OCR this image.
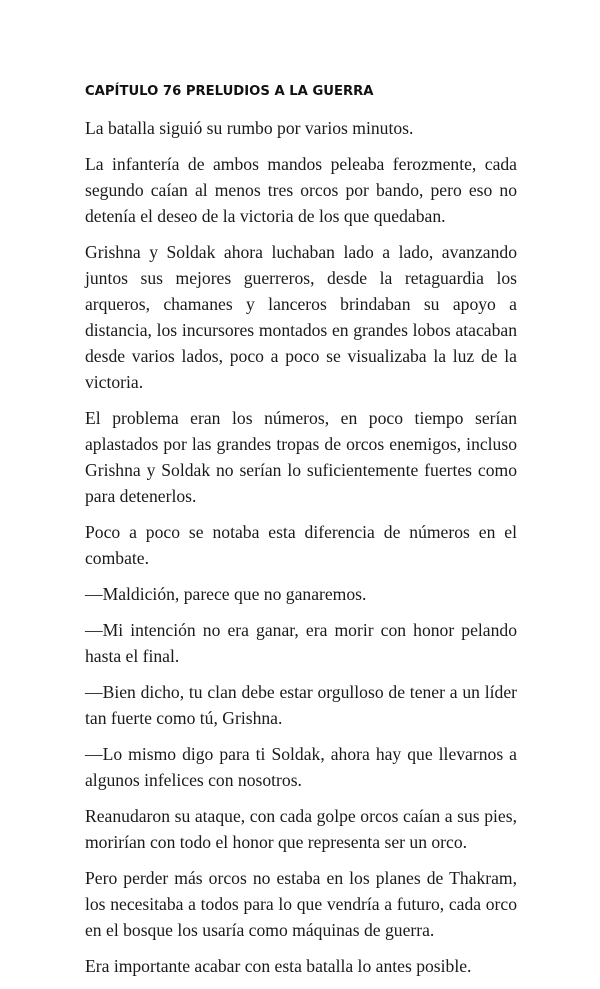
CAPÍTULO 76 PRELUDIOS A LA GUERRA

La batalla siguió su rumbo por varios minutos.

La infantería de ambos mandos peleaba ferozmente, cada segundo caían al menos tres orcos por bando, pero eso no detenía el deseo de la victoria de los que quedaban.

Grishna y Soldak ahora luchaban lado a lado, avanzando juntos sus mejores guerreros, desde la retaguardia los arqueros, chamanes y lanceros brindaban su apoyo a distancia, los incursores montados en grandes lobos atacaban desde varios lados, poco a poco se visualizaba la luz de la victoria.

El problema eran los números, en poco tiempo serían aplastados por las grandes tropas de orcos enemigos, incluso Grishna y Soldak no serían lo suficientemente fuertes como para detenerlos.

Poco a poco se notaba esta diferencia de números en el combate.

—Maldición, parece que no ganaremos.

—Mi intención no era ganar, era morir con honor pelando hasta el final.

—Bien dicho, tu clan debe estar orgulloso de tener a un líder tan fuerte como tú, Grishna.

—Lo mismo digo para ti Soldak, ahora hay que llevarnos a algunos infelices con nosotros.

Reanudaron su ataque, con cada golpe orcos caían a sus pies, morirían con todo el honor que representa ser un orco.

Pero perder más orcos no estaba en los planes de Thakram, los necesitaba a todos para lo que vendría a futuro, cada orco en el bosque los usaría como máquinas de guerra.

Era importante acabar con esta batalla lo antes posible.
